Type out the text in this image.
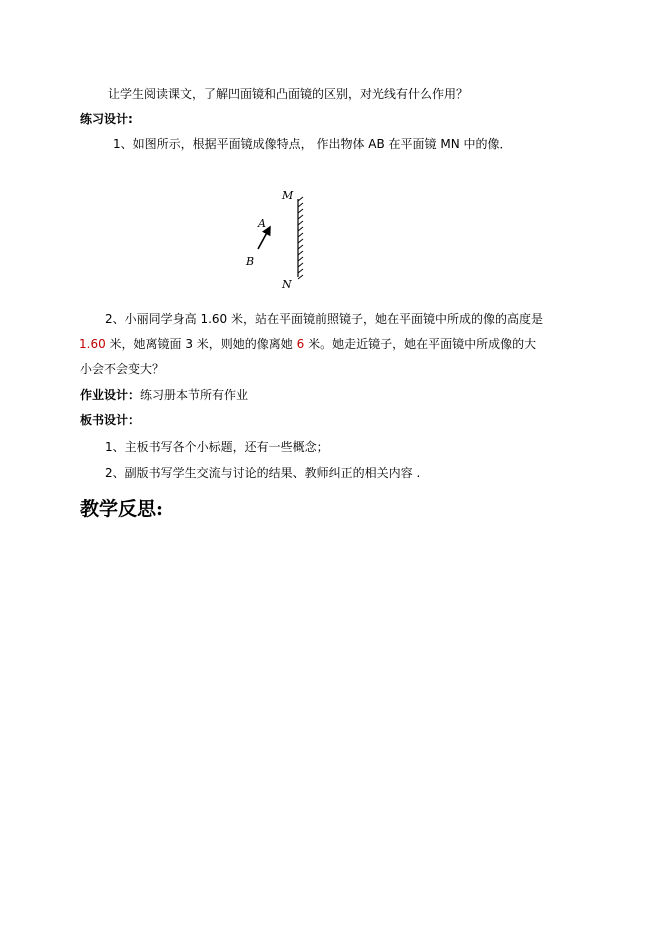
让学生阅读课文，了解凹面镜和凸面镜的区别，对光线有什么作用？
练习设计:
1、如图所示，根据平面镜成像特点， 作出物体 AB 在平面镜 MN 中的像．
M
N
A
B
2、小丽同学身高 1.60 米，站在平面镜前照镜子，她在平面镜中所成的像的高度是
1.60 米，她离镜面 3 米，则她的像离她 6 米。她走近镜子，她在平面镜中所成像的大
小会不会变大？
作业设计：练习册本节所有作业
板书设计：
1、主板书写各个小标题，还有一些概念；
2、副版书写学生交流与讨论的结果、教师纠正的相关内容 .
教学反思:
